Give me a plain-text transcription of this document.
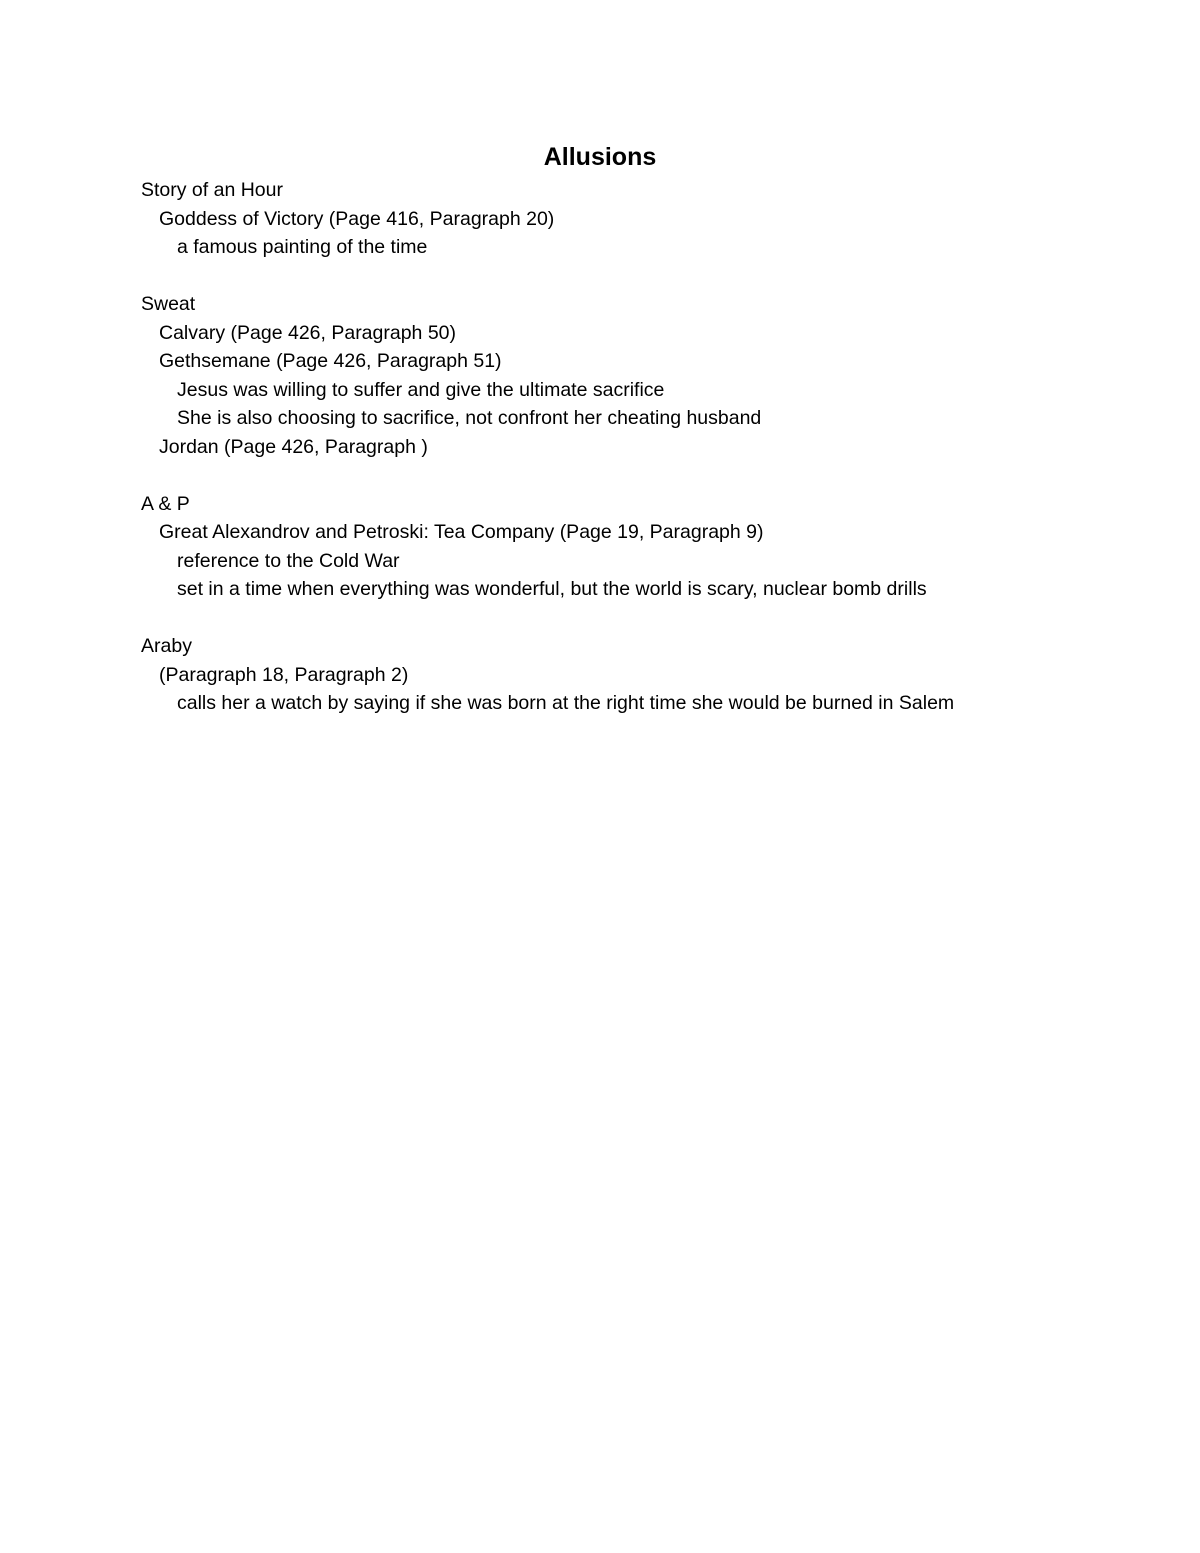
Allusions
Story of an Hour
Goddess of Victory (Page 416, Paragraph 20)
a famous painting of the time
Sweat
Calvary (Page 426, Paragraph 50)
Gethsemane (Page 426, Paragraph 51)
Jesus was willing to suffer and give the ultimate sacrifice
She is also choosing to sacrifice, not confront her cheating husband
Jordan (Page 426, Paragraph )
A & P
Great Alexandrov and Petroski: Tea Company (Page 19, Paragraph 9)
reference to the Cold War
set in a time when everything was wonderful, but the world is scary, nuclear bomb drills
Araby
(Paragraph 18, Paragraph 2)
calls her a watch by saying if she was born at the right time she would be burned in Salem
